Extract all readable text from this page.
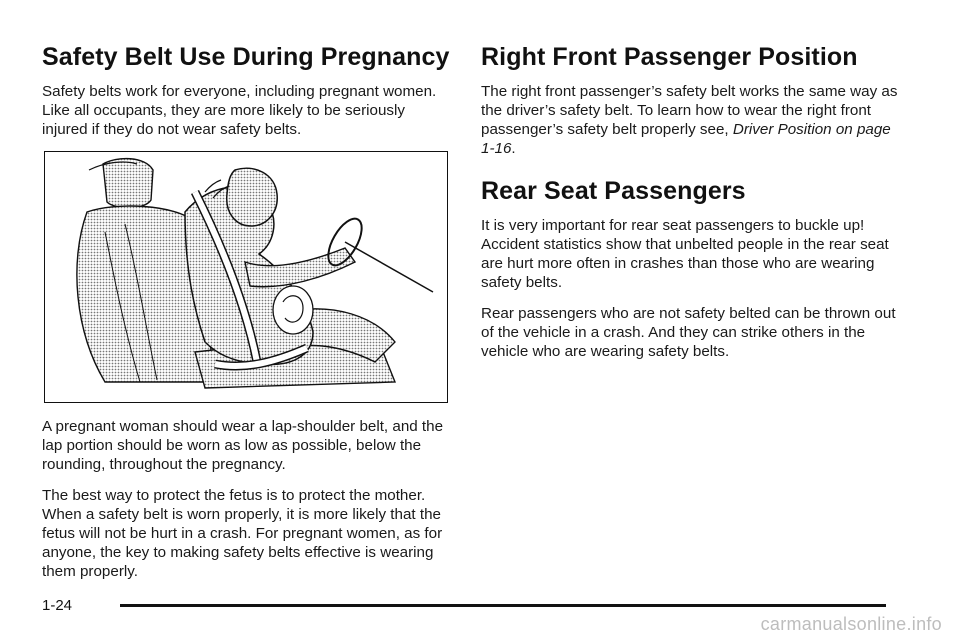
Safety Belt Use During Pregnancy

Safety belts work for everyone, including pregnant women. Like all occupants, they are more likely to be seriously injured if they do not wear safety belts.

A pregnant woman should wear a lap-shoulder belt, and the lap portion should be worn as low as possible, below the rounding, throughout the pregnancy.

The best way to protect the fetus is to protect the mother. When a safety belt is worn properly, it is more likely that the fetus will not be hurt in a crash. For pregnant women, as for anyone, the key to making safety belts effective is wearing them properly.

Right Front Passenger Position

The right front passenger’s safety belt works the same way as the driver’s safety belt. To learn how to wear the right front passenger’s safety belt properly see, Driver Position on page 1-16.

Rear Seat Passengers

It is very important for rear seat passengers to buckle up! Accident statistics show that unbelted people in the rear seat are hurt more often in crashes than those who are wearing safety belts.

Rear passengers who are not safety belted can be thrown out of the vehicle in a crash. And they can strike others in the vehicle who are wearing safety belts.

1-24
carmanualsonline.info
